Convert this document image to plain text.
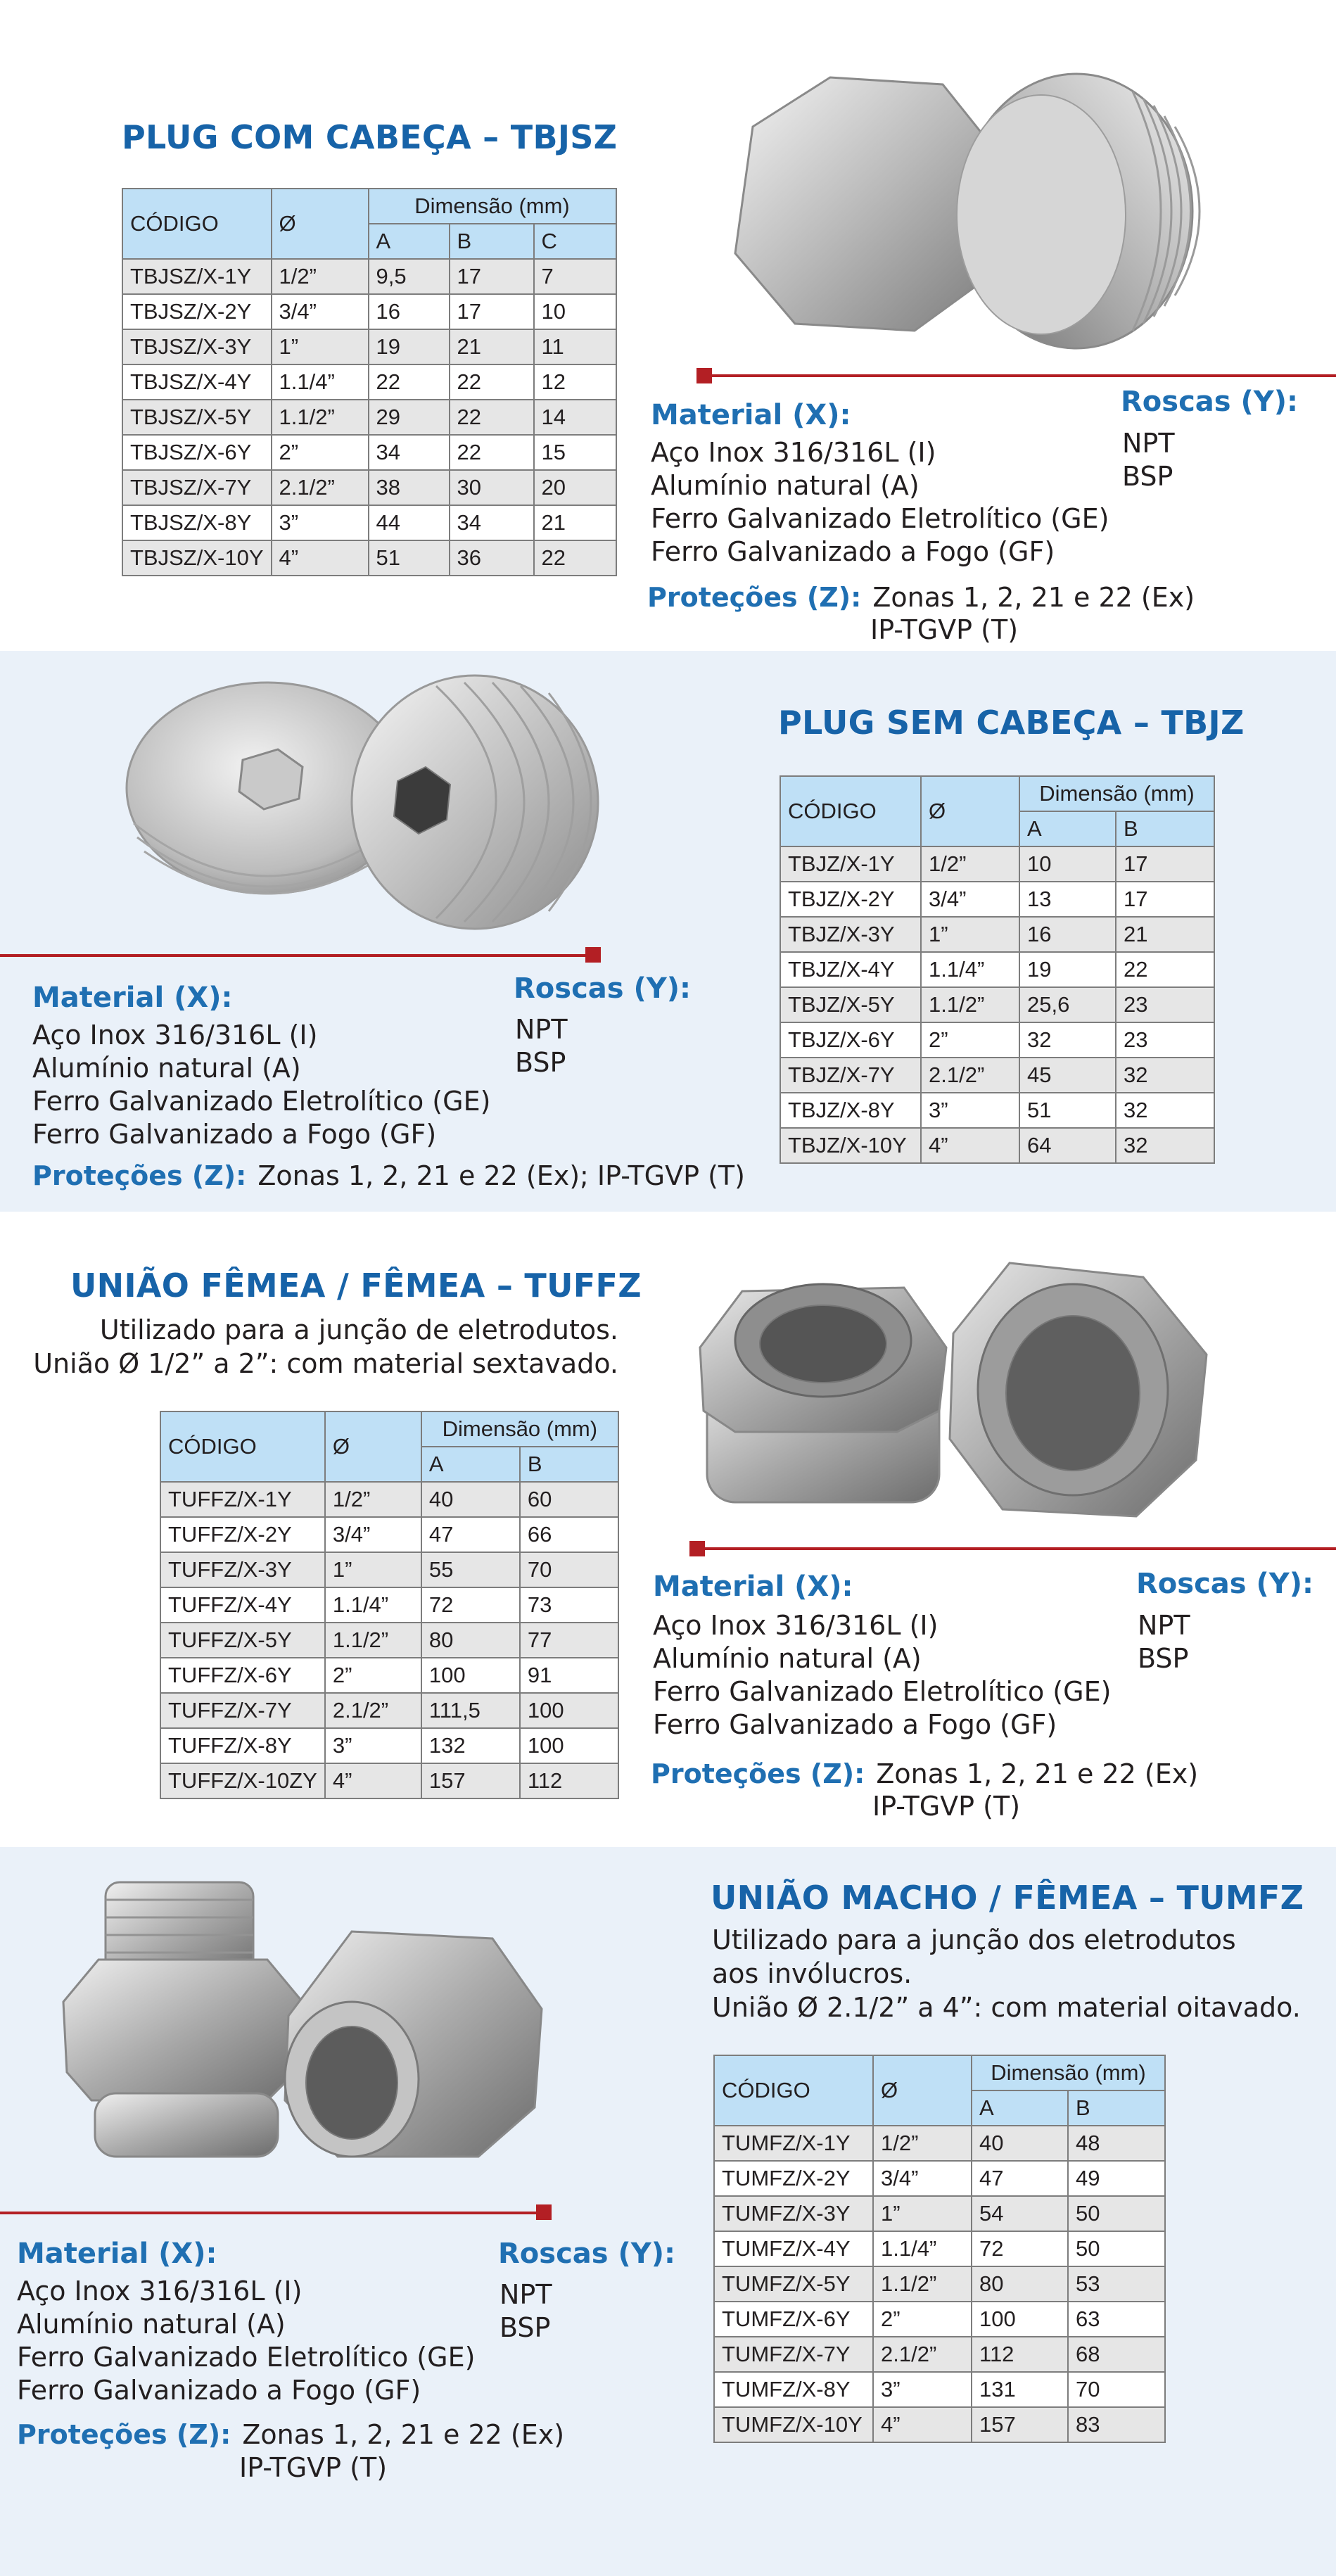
PLUG COM CABEÇA – TBJSZ
CÓDIGO	Ø	Dimensão (mm)		
		A	B	C
TBJSZ/X-1Y	1/2”	9,5	17	7
TBJSZ/X-2Y	3/4”	16	17	10
TBJSZ/X-3Y	1”	19	21	11
TBJSZ/X-4Y	1.1/4”	22	22	12
TBJSZ/X-5Y	1.1/2”	29	22	14
TBJSZ/X-6Y	2”	34	22	15
TBJSZ/X-7Y	2.1/2”	38	30	20
TBJSZ/X-8Y	3”	44	34	21
TBJSZ/X-10Y	4”	51	36	22
Material (X):
Aço Inox 316/316L (I)
Alumínio natural (A)
Ferro Galvanizado Eletrolítico (GE)
Ferro Galvanizado a Fogo (GF)
Roscas (Y):
NPT
BSP
Proteções (Z): Zonas 1, 2, 21 e 22 (Ex)
IP-TGVP (T)
PLUG SEM CABEÇA – TBJZ
CÓDIGO	Ø	Dimensão (mm)	
		A	B
TBJZ/X-1Y	1/2”	10	17
TBJZ/X-2Y	3/4”	13	17
TBJZ/X-3Y	1”	16	21
TBJZ/X-4Y	1.1/4”	19	22
TBJZ/X-5Y	1.1/2”	25,6	23
TBJZ/X-6Y	2”	32	23
TBJZ/X-7Y	2.1/2”	45	32
TBJZ/X-8Y	3”	51	32
TBJZ/X-10Y	4”	64	32
Material (X):
Aço Inox 316/316L (I)
Alumínio natural (A)
Ferro Galvanizado Eletrolítico (GE)
Ferro Galvanizado a Fogo (GF)
Roscas (Y):
NPT
BSP
Proteções (Z): Zonas 1, 2, 21 e 22 (Ex); IP-TGVP (T)
UNIÃO FÊMEA / FÊMEA – TUFFZ
Utilizado para a junção de eletrodutos.
União Ø 1/2” a 2”: com material sextavado.
CÓDIGO	Ø	Dimensão (mm)	
		A	B
TUFFZ/X-1Y	1/2”	40	60
TUFFZ/X-2Y	3/4”	47	66
TUFFZ/X-3Y	1”	55	70
TUFFZ/X-4Y	1.1/4”	72	73
TUFFZ/X-5Y	1.1/2”	80	77
TUFFZ/X-6Y	2”	100	91
TUFFZ/X-7Y	2.1/2”	111,5	100
TUFFZ/X-8Y	3”	132	100
TUFFZ/X-10ZY	4”	157	112
Material (X):
Aço Inox 316/316L (I)
Alumínio natural (A)
Ferro Galvanizado Eletrolítico (GE)
Ferro Galvanizado a Fogo (GF)
Roscas (Y):
NPT
BSP
Proteções (Z): Zonas 1, 2, 21 e 22 (Ex)
IP-TGVP (T)
UNIÃO MACHO / FÊMEA – TUMFZ
Utilizado para a junção dos eletrodutos
aos invólucros.
União Ø 2.1/2” a 4”: com material oitavado.
CÓDIGO	Ø	Dimensão (mm)	
		A	B
TUMFZ/X-1Y	1/2”	40	48
TUMFZ/X-2Y	3/4”	47	49
TUMFZ/X-3Y	1”	54	50
TUMFZ/X-4Y	1.1/4”	72	50
TUMFZ/X-5Y	1.1/2”	80	53
TUMFZ/X-6Y	2”	100	63
TUMFZ/X-7Y	2.1/2”	112	68
TUMFZ/X-8Y	3”	131	70
TUMFZ/X-10Y	4”	157	83
Material (X):
Aço Inox 316/316L (I)
Alumínio natural (A)
Ferro Galvanizado Eletrolítico (GE)
Ferro Galvanizado a Fogo (GF)
Roscas (Y):
NPT
BSP
Proteções (Z): Zonas 1, 2, 21 e 22 (Ex)
IP-TGVP (T)
